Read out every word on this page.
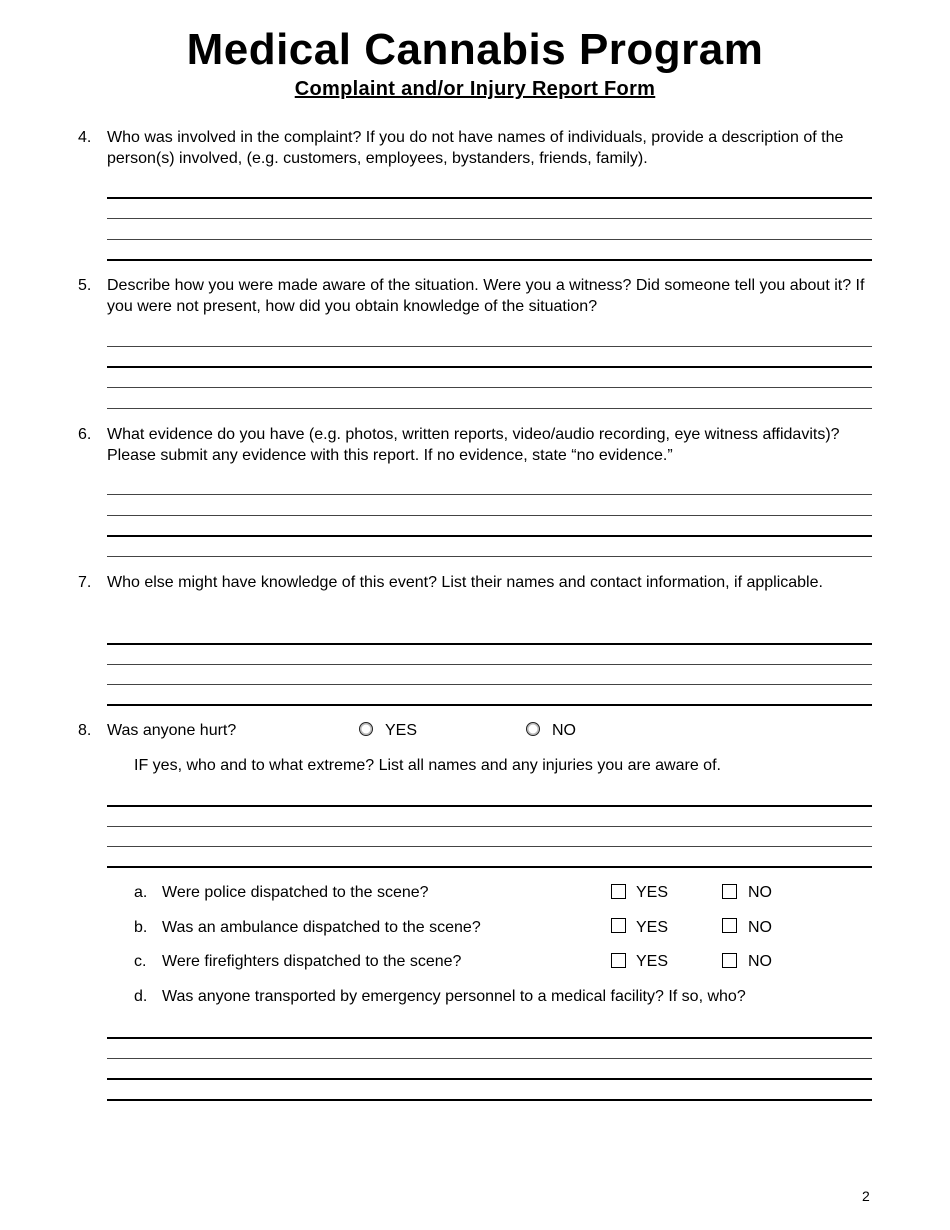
Medical Cannabis Program
Complaint and/or Injury Report Form
4. Who was involved in the complaint? If you do not have names of individuals, provide a description of the person(s) involved, (e.g. customers, employees, bystanders, friends, family).
5. Describe how you were made aware of the situation. Were you a witness? Did someone tell you about it? If you were not present, how did you obtain knowledge of the situation?
6. What evidence do you have (e.g. photos, written reports, video/audio recording, eye witness affidavits)? Please submit any evidence with this report. If no evidence, state “no evidence.”
7. Who else might have knowledge of this event? List their names and contact information, if applicable.
8. Was anyone hurt?	YES	NO
IF yes, who and to what extreme? List all names and any injuries you are aware of.
a. Were police dispatched to the scene?	YES	NO
b. Was an ambulance dispatched to the scene?	YES	NO
c. Were firefighters dispatched to the scene?	YES	NO
d. Was anyone transported by emergency personnel to a medical facility? If so, who?
2
